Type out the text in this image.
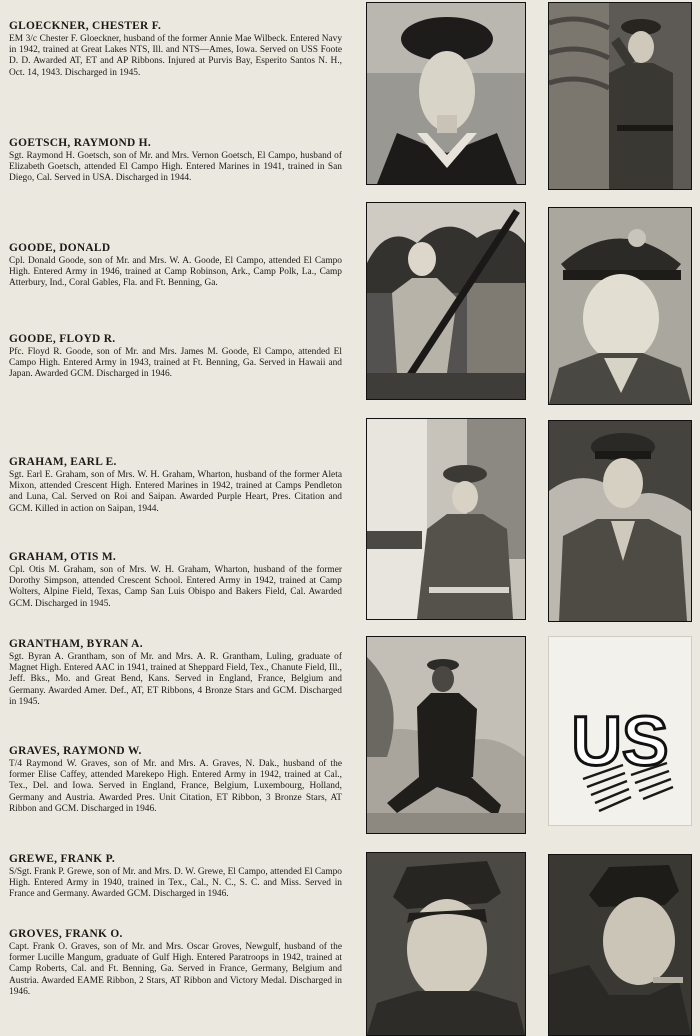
GLOECKNER, CHESTER F.

EM 3/c Chester F. Gloeckner, husband of the former Annie Mae Wilbeck. Entered Navy in 1942, trained at Great Lakes NTS, Ill. and NTS—Ames, Iowa. Served on USS Foote D. D. Awarded AT, ET and AP Ribbons. Injured at Purvis Bay, Esperito Santos N. H., Oct. 14, 1943. Discharged in 1945.

GOETSCH, RAYMOND H.

Sgt. Raymond H. Goetsch, son of Mr. and Mrs. Vernon Goetsch, El Campo, husband of Elizabeth Goetsch, attended El Campo High. Entered Marines in 1941, trained in San Diego, Cal. Served in USA. Discharged in 1944.

GOODE, DONALD

Cpl. Donald Goode, son of Mr. and Mrs. W. A. Goode, El Campo, attended El Campo High. Entered Army in 1946, trained at Camp Robinson, Ark., Camp Polk, La., Camp Atterbury, Ind., Coral Gables, Fla. and Ft. Benning, Ga.

GOODE, FLOYD R.

Pfc. Floyd R. Goode, son of Mr. and Mrs. James M. Goode, El Campo, attended El Campo High. Entered Army in 1943, trained at Ft. Benning, Ga. Served in Hawaii and Japan. Awarded GCM. Discharged in 1946.

GRAHAM, EARL E.

Sgt. Earl E. Graham, son of Mrs. W. H. Graham, Wharton, husband of the former Aleta Mixon, attended Crescent High. Entered Marines in 1942, trained at Camps Pendleton and Luna, Cal. Served on Roi and Saipan. Awarded Purple Heart, Pres. Citation and GCM. Killed in action on Saipan, 1944.

GRAHAM, OTIS M.

Cpl. Otis M. Graham, son of Mrs. W. H. Graham, Wharton, husband of the former Dorothy Simpson, attended Crescent School. Entered Army in 1942, trained at Camp Wolters, Alpine Field, Texas, Camp San Luis Obispo and Bakers Field, Cal. Awarded GCM. Discharged in 1945.

GRANTHAM, BYRAN A.

Sgt. Byran A. Grantham, son of Mr. and Mrs. A. R. Grantham, Luling, graduate of Magnet High. Entered AAC in 1941, trained at Sheppard Field, Tex., Chanute Field, Ill., Jeff. Bks., Mo. and Great Bend, Kans. Served in England, France, Belgium and Germany. Awarded Amer. Def., AT, ET Ribbons, 4 Bronze Stars and GCM. Discharged in 1945.

GRAVES, RAYMOND W.

T/4 Raymond W. Graves, son of Mr. and Mrs. A. Graves, N. Dak., husband of the former Elise Caffey, attended Marekepo High. Entered Army in 1942, trained at Cal., Tex., Del. and Iowa. Served in England, France, Belgium, Luxembourg, Holland, Germany and Austria. Awarded Pres. Unit Citation, ET Ribbon, 3 Bronze Stars, AT Ribbon and GCM. Discharged in 1946.

GREWE, FRANK P.

S/Sgt. Frank P. Grewe, son of Mr. and Mrs. D. W. Grewe, El Campo, attended El Campo High. Entered Army in 1940, trained in Tex., Cal., N. C., S. C. and Miss. Served in France and Germany. Awarded GCM. Discharged in 1946.

GROVES, FRANK O.

Capt. Frank O. Graves, son of Mr. and Mrs. Oscar Groves, Newgulf, husband of the former Lucille Mangum, graduate of Gulf High. Entered Paratroops in 1942, trained at Camp Roberts, Cal. and Ft. Benning, Ga. Served in France, Germany, Belgium and Austria. Awarded EAME Ribbon, 2 Stars, AT Ribbon and Victory Medal. Discharged in 1946.

US
